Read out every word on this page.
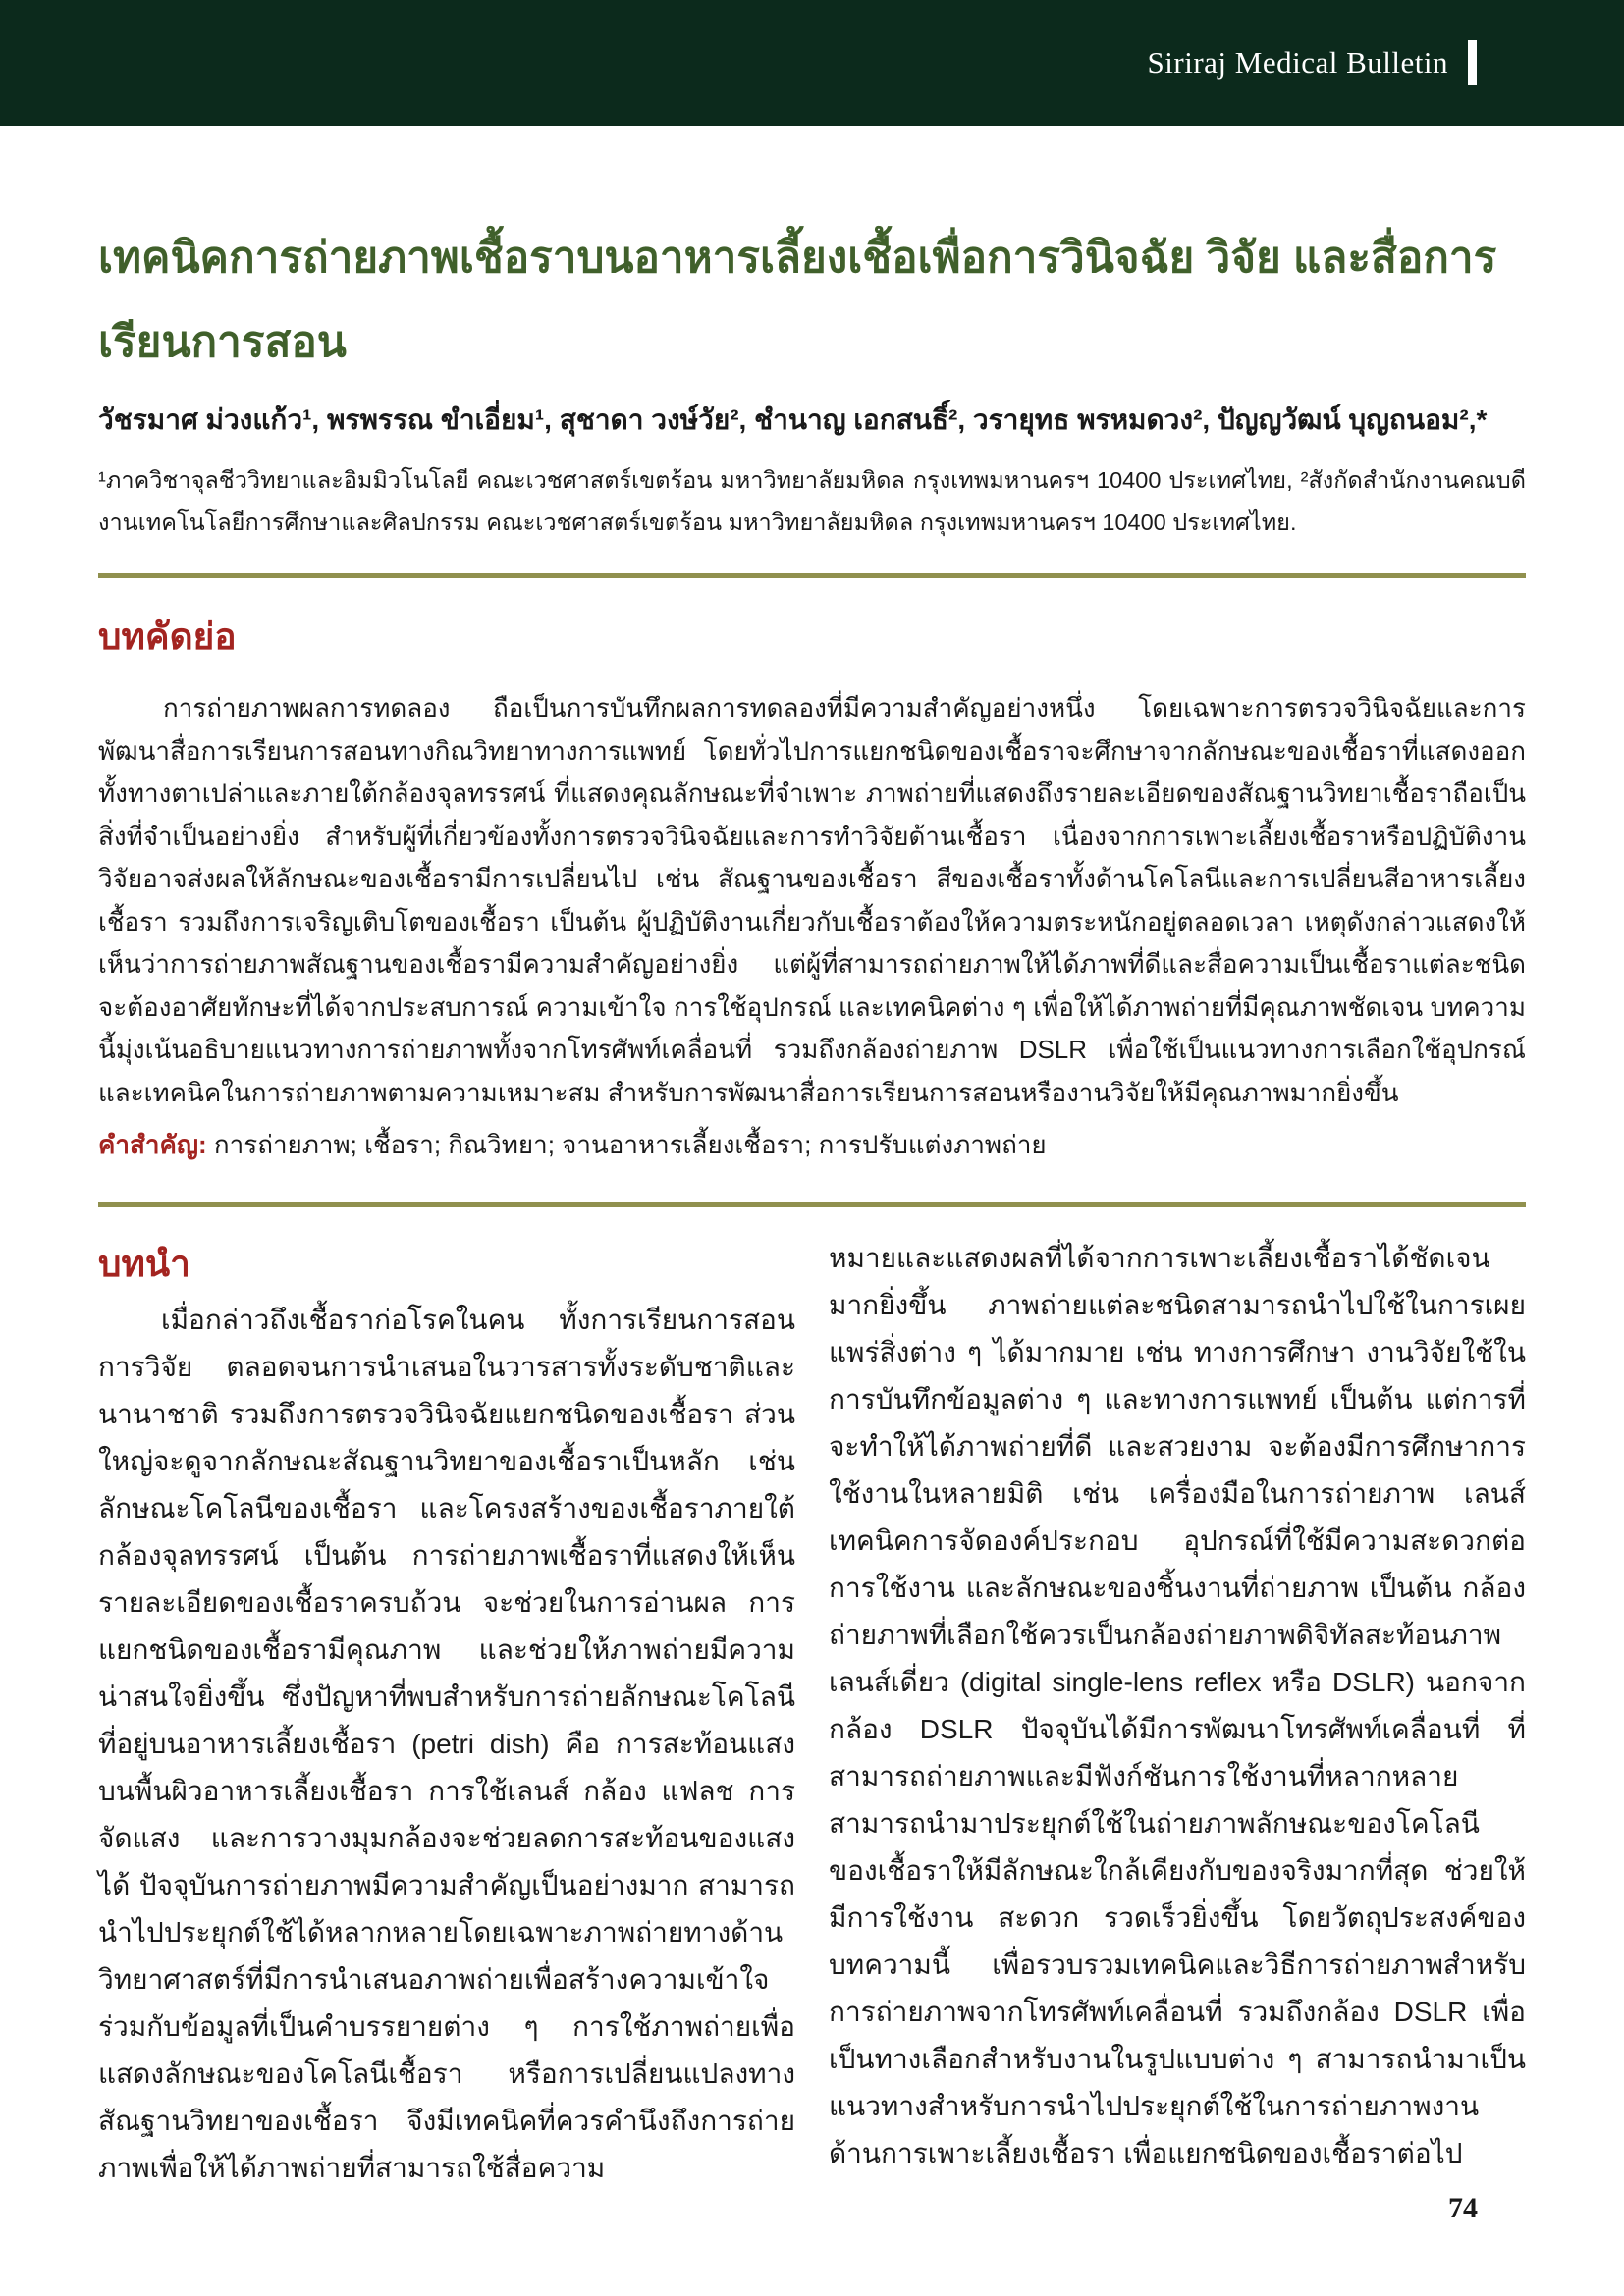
Siriraj Medical Bulletin
เทคนิคการถ่ายภาพเชื้อราบนอาหารเลี้ยงเชื้อเพื่อการวินิจฉัย วิจัย และสื่อการเรียนการสอน

วัชรมาศ ม่วงแก้ว¹, พรพรรณ ขำเอี่ยม¹, สุชาดา วงษ์วัย², ชำนาญ เอกสนธิ์², วรายุทธ พรหมดวง², ปัญญวัฒน์ บุญถนอม²,*

¹ภาควิชาจุลชีววิทยาและอิมมิวโนโลยี คณะเวชศาสตร์เขตร้อน มหาวิทยาลัยมหิดล กรุงเทพมหานครฯ 10400 ประเทศไทย, ²สังกัดสำนักงานคณบดี งานเทคโนโลยีการศึกษาและศิลปกรรม คณะเวชศาสตร์เขตร้อน มหาวิทยาลัยมหิดล กรุงเทพมหานครฯ 10400 ประเทศไทย.

บทคัดย่อ

การถ่ายภาพผลการทดลอง ถือเป็นการบันทึกผลการทดลองที่มีความสำคัญอย่างหนึ่ง โดยเฉพาะการตรวจวินิจฉัยและการพัฒนาสื่อการเรียนการสอนทางกิณวิทยาทางการแพทย์ โดยทั่วไปการแยกชนิดของเชื้อราจะศึกษาจากลักษณะของเชื้อราที่แสดงออกทั้งทางตาเปล่าและภายใต้กล้องจุลทรรศน์ ที่แสดงคุณลักษณะที่จำเพาะ ภาพถ่ายที่แสดงถึงรายละเอียดของสัณฐานวิทยาเชื้อราถือเป็นสิ่งที่จำเป็นอย่างยิ่ง สำหรับผู้ที่เกี่ยวข้องทั้งการตรวจวินิจฉัยและการทำวิจัยด้านเชื้อรา เนื่องจากการเพาะเลี้ยงเชื้อราหรือปฏิบัติงานวิจัยอาจส่งผลให้ลักษณะของเชื้อรามีการเปลี่ยนไป เช่น สัณฐานของเชื้อรา สีของเชื้อราทั้งด้านโคโลนีและการเปลี่ยนสีอาหารเลี้ยงเชื้อรา รวมถึงการเจริญเติบโตของเชื้อรา เป็นต้น ผู้ปฏิบัติงานเกี่ยวกับเชื้อราต้องให้ความตระหนักอยู่ตลอดเวลา เหตุดังกล่าวแสดงให้เห็นว่าการถ่ายภาพสัณฐานของเชื้อรามีความสำคัญอย่างยิ่ง แต่ผู้ที่สามารถถ่ายภาพให้ได้ภาพที่ดีและสื่อความเป็นเชื้อราแต่ละชนิด จะต้องอาศัยทักษะที่ได้จากประสบการณ์ ความเข้าใจ การใช้อุปกรณ์ และเทคนิคต่าง ๆ เพื่อให้ได้ภาพถ่ายที่มีคุณภาพชัดเจน บทความนี้มุ่งเน้นอธิบายแนวทางการถ่ายภาพทั้งจากโทรศัพท์เคลื่อนที่ รวมถึงกล้องถ่ายภาพ DSLR เพื่อใช้เป็นแนวทางการเลือกใช้อุปกรณ์ และเทคนิคในการถ่ายภาพตามความเหมาะสม สำหรับการพัฒนาสื่อการเรียนการสอนหรืองานวิจัยให้มีคุณภาพมากยิ่งขึ้น

คำสำคัญ: การถ่ายภาพ; เชื้อรา; กิณวิทยา; จานอาหารเลี้ยงเชื้อรา; การปรับแต่งภาพถ่าย

บทนำ

เมื่อกล่าวถึงเชื้อราก่อโรคในคน ทั้งการเรียนการสอน การวิจัย ตลอดจนการนำเสนอในวารสารทั้งระดับชาติและนานาชาติ รวมถึงการตรวจวินิจฉัยแยกชนิดของเชื้อรา ส่วนใหญ่จะดูจากลักษณะสัณฐานวิทยาของเชื้อราเป็นหลัก เช่น ลักษณะโคโลนีของเชื้อรา และโครงสร้างของเชื้อราภายใต้กล้องจุลทรรศน์ เป็นต้น การถ่ายภาพเชื้อราที่แสดงให้เห็นรายละเอียดของเชื้อราครบถ้วน จะช่วยในการอ่านผล การแยกชนิดของเชื้อรามีคุณภาพ และช่วยให้ภาพถ่ายมีความน่าสนใจยิ่งขึ้น ซึ่งปัญหาที่พบสำหรับการถ่ายลักษณะโคโลนีที่อยู่บนอาหารเลี้ยงเชื้อรา (petri dish) คือ การสะท้อนแสงบนพื้นผิวอาหารเลี้ยงเชื้อรา การใช้เลนส์ กล้อง แฟลช การจัดแสง และการวางมุมกล้องจะช่วยลดการสะท้อนของแสงได้ ปัจจุบันการถ่ายภาพมีความสำคัญเป็นอย่างมาก สามารถนำไปประยุกต์ใช้ได้หลากหลายโดยเฉพาะภาพถ่ายทางด้านวิทยาศาสตร์ที่มีการนำเสนอภาพถ่ายเพื่อสร้างความเข้าใจร่วมกับข้อมูลที่เป็นคำบรรยายต่าง ๆ การใช้ภาพถ่ายเพื่อแสดงลักษณะของโคโลนีเชื้อรา หรือการเปลี่ยนแปลงทางสัณฐานวิทยาของเชื้อรา จึงมีเทคนิคที่ควรคำนึงถึงการถ่ายภาพเพื่อให้ได้ภาพถ่ายที่สามารถใช้สื่อความ

หมายและแสดงผลที่ได้จากการเพาะเลี้ยงเชื้อราได้ชัดเจนมากยิ่งขึ้น ภาพถ่ายแต่ละชนิดสามารถนำไปใช้ในการเผยแพร่สิ่งต่าง ๆ ได้มากมาย เช่น ทางการศึกษา งานวิจัยใช้ในการบันทึกข้อมูลต่าง ๆ และทางการแพทย์ เป็นต้น แต่การที่จะทำให้ได้ภาพถ่ายที่ดี และสวยงาม จะต้องมีการศึกษาการใช้งานในหลายมิติ เช่น เครื่องมือในการถ่ายภาพ เลนส์ เทคนิคการจัดองค์ประกอบ อุปกรณ์ที่ใช้มีความสะดวกต่อการใช้งาน และลักษณะของชิ้นงานที่ถ่ายภาพ เป็นต้น กล้องถ่ายภาพที่เลือกใช้ควรเป็นกล้องถ่ายภาพดิจิทัลสะท้อนภาพเลนส์เดี่ยว (digital single-lens reflex หรือ DSLR) นอกจากกล้อง DSLR ปัจจุบันได้มีการพัฒนาโทรศัพท์เคลื่อนที่ ที่สามารถถ่ายภาพและมีฟังก์ชันการใช้งานที่หลากหลาย สามารถนำมาประยุกต์ใช้ในถ่ายภาพลักษณะของโคโลนีของเชื้อราให้มีลักษณะใกล้เคียงกับของจริงมากที่สุด ช่วยให้มีการใช้งาน สะดวก รวดเร็วยิ่งขึ้น โดยวัตถุประสงค์ของบทความนี้ เพื่อรวบรวมเทคนิคและวิธีการถ่ายภาพสำหรับการถ่ายภาพจากโทรศัพท์เคลื่อนที่ รวมถึงกล้อง DSLR เพื่อเป็นทางเลือกสำหรับงานในรูปแบบต่าง ๆ สามารถนำมาเป็นแนวทางสำหรับการนำไปประยุกต์ใช้ในการถ่ายภาพงานด้านการเพาะเลี้ยงเชื้อรา เพื่อแยกชนิดของเชื้อราต่อไป

74
